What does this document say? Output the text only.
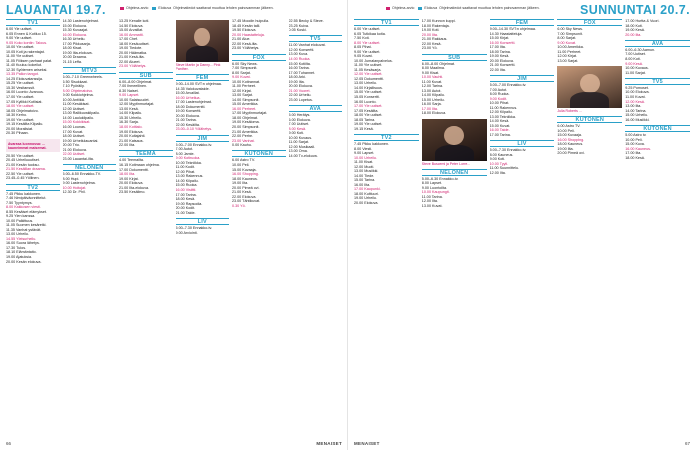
LAUANTAI 19.7.	Ohjelma-arvio	Elokuva Ohjelmatiedot saattavat muuttua lehden painovamman jälkeen.
TV1
6.00 Yle uutiset.
6.05 Ennen & Kotiluo 15.
9.00 Yle uutiset.
9.05 Koko kontin: Talous.
10.00 Yle uutiset.
10.05 Koti ja rakentajat.
11.00 Yle uutiset.
11.05 Fiiiksen parhaat palat.
11.40 Kuuluu kokeilut.
12.30 Syötemen ariseksi.
13.35 Pallon tangot.
14.25 Elokuvatanssija.
15.25 Yle uutiset.
15.30 Vesitanssit.
16.00 Luonto: Avaruus.
17.00 Yle uutiset.
17.05 Kyllikki Kotlisiat.
18.00 Yle uutiset.
18.05 Ohjelmatoivo.
18.30 Kerho.
19.00 Yle uutiset.
19.15 Kesäilta Kilpailu.
20.00 Moralisiat.
20.30 Pihaan.
Avarasa luonnossa: ... kauneimmat maisemat.
20.50 Yle uutiset.
20.45 Urheiluuutiset.
21.00 Kesän tuoksu.
21.50 Kesäillan draama.
22.50 Yle uutiset.
23.45–0.45 Yöllinen.
TV2
7.45 Pikku kakkonen.
7.46 Nimipäiväonnittelut.
7.50 Tyyntymys.
8.00 Kakkosen viesti.
8.55 Kesäiset elämykset.
9.25 Ylen kanssa.
10.00 Palkittuus.
11.05 Suomen kesäretki.
11.35 Vanhat ystävät.
13.00 Urheilu.
14.55 Yleisurheilu.
16.00 Suora lähetys.
17.30 Tulos.
18.10 Elämäntaito.
19.00 Ajatuksia.
20.00 Kesän elokuva.
14.30 Lastenohjelmat.
15.00 Elokuva.
15.30 Kuvaajat.
16.00 Elokuva.
16.30 Urheilu.
17.00 Pikkusarja.
18.00 Kisat.
19.00 Ilta-elokuva.
20.00 Draama.
21.15 Leffa.
MTV3
6.00–7.10 Greenwheels.
6.50 Sisukkaat.
7.10 Pyöräily.
8.00 Ohjelmatoivo.
9.00 Kokkiohjelma.
10.00 Antiikki.
11.00 Kesäkisat.
12.00 Uutiset.
13.00 Rallikuvakilpailu.
14.00 Laulukilpailu.
15.00 Kokkikisat.
16.00 Lounas.
17.00 Kuvat.
18.00 Uutiset.
19.00 Urheilulauantai.
20.00 Trio.
21.00 Elokuva.
22.00 Uutiset.
23.00 Lauantai-ilta.
NELONEN
5.00–6.50 Ennakko-TV.
8.00 Hupi.
9.00 Lastenohjelma.
10.00 Hoitojat.
12.30 Dr. Phil.
13.25 Kenalle koti.
14.50 Elokuva.
15.00 Arvaillat.
16.00 Ammatti.
17.00 Chef.
18.00 Kesäuutiset.
19.00 Tiedote.
20.00 Häämatka.
21.00 Kesä-ilta.
22.00 Alueet.
23.00 Yölähetys.
SUB
6.00–8.00 Ohjelmat.
7.00 Ihmeellinen.
8.30 Naiset.
9.00 Lapset.
10.00 Salaisuudet.
12.00 Myytinmurtajat.
13.00 Kesä.
14.00 Kilpailu.
15.30 Urheilu.
16.30 Sarja.
18.00 Kotitalo.
19.00 Elokuva.
20.00 Kultajahti.
21.00 Katsaus.
22.00 Ilta.
TEEMA
4.00 Teemailta.
16.15 Kotimaan ohjelma.
17.00 Dokumentti.
18.00 Ilta.
19.00 Kirjat.
20.00 Elokuva.
21.00 Ilta-elokuva.
23.50 Kesäilmo.
Steve Martin ja Danny... Pink Panther.
FEM
9.00–14.00 SVT:n ohjelmaa.
14.35 Valokuvataide.
15.00 Arvaillat.
16.00 Urheilua.
17.00 Lastenohjelmat.
18.00 Dokumentti.
19.00 Konsertti.
20.00 Elokuva.
21.00 Tarina.
22.00 Kesäilta.
23.00–0.10 Yölähetys.
JIM
5.00–7.00 Ennakko-tv.
7.00 Autot.
8.00 Jamie.
9.00 Kotiruoka.
10.00 Tekniikka.
11.00 Kodit.
12.00 Pihat.
13.00 Rakennus.
14.00 Kilpailu.
15.00 Ruoka.
16.00 Visiitti.
17.00 Tarina.
18.00 Kesä.
19.00 Rapsodia.
20.00 Kodit.
21.00 Taide.
LIV
5.00–7.30 Ennakko-tv.
9.00 Arviointi.
17.45 Moodin huipulla.
18.45 Kesän talli.
19.50 Elokuva.
20.00 Haastatteluja.
21.00 Alue.
22.00 Kesä-ilta.
23.00 Yölähetys.
FOX
6.00 Sky News.
7.00 Simpsonit.
8.00 Sarjat.
9.00 Kuvat.
10.00 Kotirannat.
11.00 Perheet.
12.00 Kirjat.
13.00 Sarjat.
14.00 Simpsonit.
15.00 Amerikka.
16.00 Perheet.
17.00 Myytinmurtajat.
18.00 Ohjelmat.
19.00 Kesäloma.
20.00 Simpsonit.
21.00 Amerikka.
22.00 Perhe.
23.00 Vanhat.
0.00 Kauhu.
KUTONEN
6.00 Astro TV.
10.00 Peli.
15.00 Kuvaaja.
16.00 Shopping.
18.00 Kauneus.
19.00 Ilta.
20.00 Pimeä ovi.
21.00 Kesä.
22.00 Elokuva.
23.00 Tähtikuvat.
0.30 Yö.
22.55 Becky & Steve.
23.25 Kuiva.
0.05 Koski.
TV5
11.00 Vanhat elokuvat.
12.00 Konsertti.
13.00 Kuva.
14.00 Ruoka.
15.00 Kotiilta.
16.00 Tarina.
17.00 Tuhannet.
18.00 Arki.
19.00 Ilta.
20.00 Elokuva.
21.00 Vuoret.
22.00 Urheilu.
23.00 Lopetus.
AVA
5.00 Herätys.
6.00 Elokuva.
7.00 Uutiset.
8.00 Kesä.
9.00 Koti.
10.00 Kuvaus.
11.00 Sarjat.
12.00 Musikaali.
13.00 Oma.
14.00 Tv-elokuva.
66	MENAISET
Ohjelma-arvio	Elokuva Ohjelmatiedot saattavat muuttua lehden painovamman jälkeen.	SUNNUNTAI 20.7.
TV1
6.00 Yle uutiset.
6.05 Tutkikaa kotia.
7.50 Koti.
8.00 Yle uutiset.
8.05 Pihat.
9.00 Yle uutiset.
9.05 Kuvat.
10.00 Jumalanpalvelus.
11.00 Yle uutiset.
11.05 Kesäsarja.
12.00 Yle uutiset.
12.05 Dokumentti.
13.00 Urheilu.
14.00 Kirjallisuus.
15.00 Yle uutiset.
15.05 Konsertti.
16.00 Luonto.
17.00 Yle uutiset.
17.05 Kesäilta.
18.00 Yle uutiset.
18.05 Tarina.
19.00 Yle uutiset.
19.15 Kesä.
TV2
7.45 Pikku kakkonen.
8.00 Viesti.
9.00 Lapset.
10.00 Urheilu.
11.00 Kisat.
12.00 Muoti.
13.00 Musiikki.
14.00 Tiede.
15.00 Tarina.
16.00 Ilta.
17.00 Kaupunki.
18.00 Kulttuuri.
19.00 Urheilu.
20.00 Elokuva.
17.00 Kunnon kuppi.
18.00 Rakentaja.
19.00 Koti.
20.00 Ilta.
21.00 Rakkaus.
22.00 Kesä.
23.00 Yö.
SUB
6.00–8.00 Ohjelmat.
8.00 Maailma.
9.00 Kisat.
10.00 Vauhti.
11.00 Kuvat.
12.00 Tarina.
13.00 Autot.
14.00 Kilpailu.
15.00 Urheilu.
16.00 Sarja.
17.00 Ilta.
18.00 Elokuva.
Steve Buscemi ja Peter Lorre...
NELONEN
5.00–6.30 Ennakko-tv.
8.00 Lapset.
9.00 Luontoilta.
10.00 Kaupungit.
11.00 Tarina.
12.00 Ilta.
13.00 Kuvat.
FEM
9.00–14.30 SVT:n ohjelmaa.
14.30 Haastatteluja.
15.00 Kirjat.
16.00 Konsertti.
17.00 Ilta.
18.00 Tarina.
19.00 Kesä.
20.00 Elokuva.
21.00 Konsertti.
22.00 Ilta.
JIM
5.00–7.00 Ennakko-tv.
7.00 Autot.
8.00 Ruoka.
9.00 Kodit.
10.00 Pihat.
11.00 Rakennus.
12.00 Kilpailu.
13.00 Tekniikka.
14.00 Kesä.
15.00 Kuvat.
16.00 Taide.
17.00 Tarina.
LIV
5.00–7.30 Ennakko-tv.
8.00 Kauneus.
9.00 Koti.
10.00 Tyyli.
11.00 Suunnittelu.
12.00 Ilta.
FOX
6.00 Sky News.
7.00 Simpsonit.
8.00 Sarjat.
9.00 Kuvat.
10.00 Amerikka.
11.00 Perheet.
12.00 Kirjat.
13.00 Sarjat.
Julia Roberts ...
KUTONEN
6.00 Astro TV.
10.00 Peli.
15.00 Kuvaaja.
16.00 Shopping.
18.00 Kauneus.
19.00 Ilta.
20.00 Pimeä ovi.
17.00 Hurtta & Vuori.
18.00 Koti.
19.00 Kesä.
20.00 Ilta.
AVA
6.00–6.30 Aamun.
7.00 Uutiset.
8.00 Koti.
9.00 Kesä.
10.00 Kuvaus.
11.00 Sarjat.
TV5
9.25 Pomoset.
10.00 Elokuva.
11.00 Kuvat.
12.00 Kesä.
13.00 Ilta.
14.00 Tarina.
15.00 Urheilu.
16.00 Musiikki.
KUTONEN
5.00 Astro tv.
10.00 Peli.
15.00 Kuva.
16.00 Kauneus.
17.00 Ilta.
18.00 Kesä.
MENAISET	67
